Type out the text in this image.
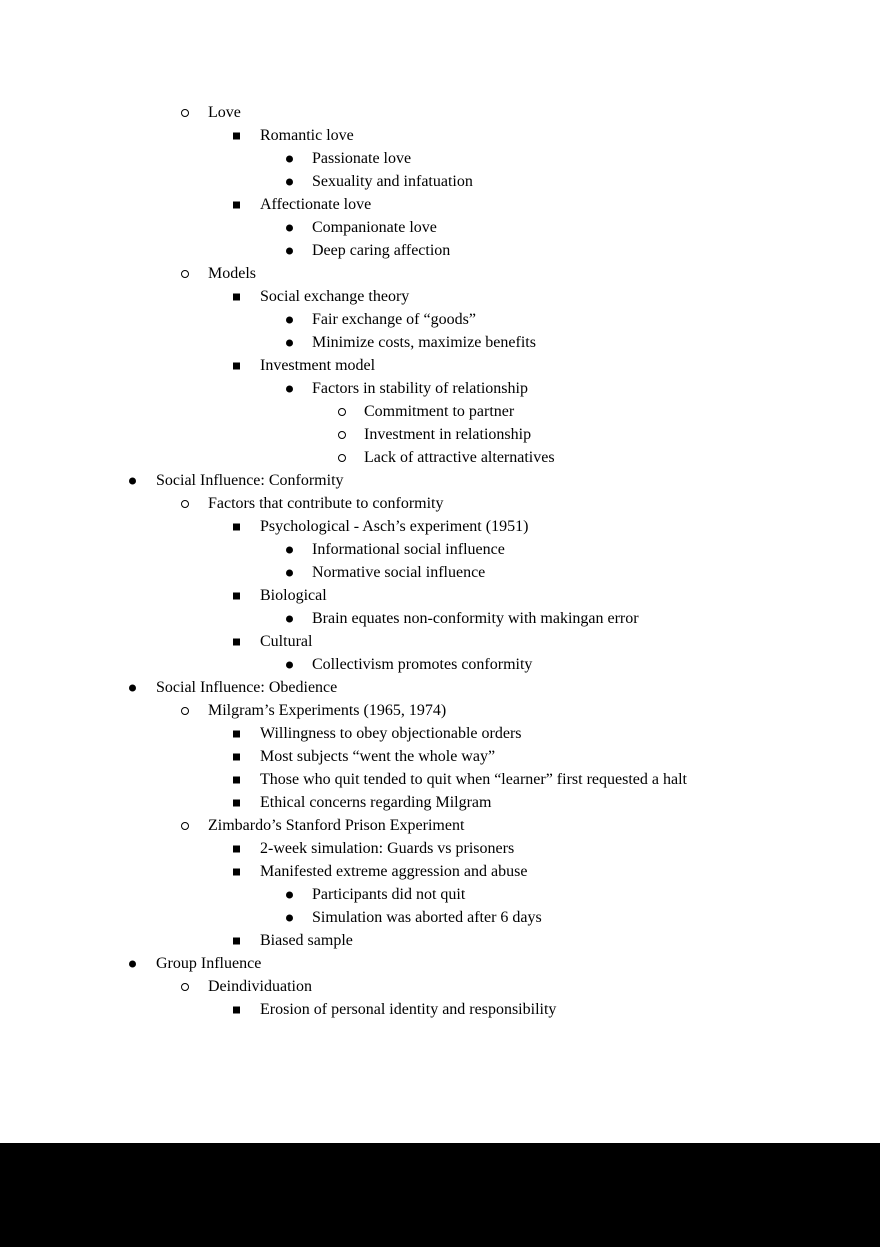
Love
Romantic love
Passionate love
Sexuality and infatuation
Affectionate love
Companionate love
Deep caring affection
Models
Social exchange theory
Fair exchange of “goods”
Minimize costs, maximize benefits
Investment model
Factors in stability of relationship
Commitment to partner
Investment in relationship
Lack of attractive alternatives
Social Influence: Conformity
Factors that contribute to conformity
Psychological - Asch’s experiment (1951)
Informational social influence
Normative social influence
Biological
Brain equates non-conformity with makingan error
Cultural
Collectivism promotes conformity
Social Influence: Obedience
Milgram’s Experiments (1965, 1974)
Willingness to obey objectionable orders
Most subjects “went the whole way”
Those who quit tended to quit when “learner” first requested a halt
Ethical concerns regarding Milgram
Zimbardo’s Stanford Prison Experiment
2-week simulation: Guards vs prisoners
Manifested extreme aggression and abuse
Participants did not quit
Simulation was aborted after 6 days
Biased sample
Group Influence
Deindividuation
Erosion of personal identity and responsibility
